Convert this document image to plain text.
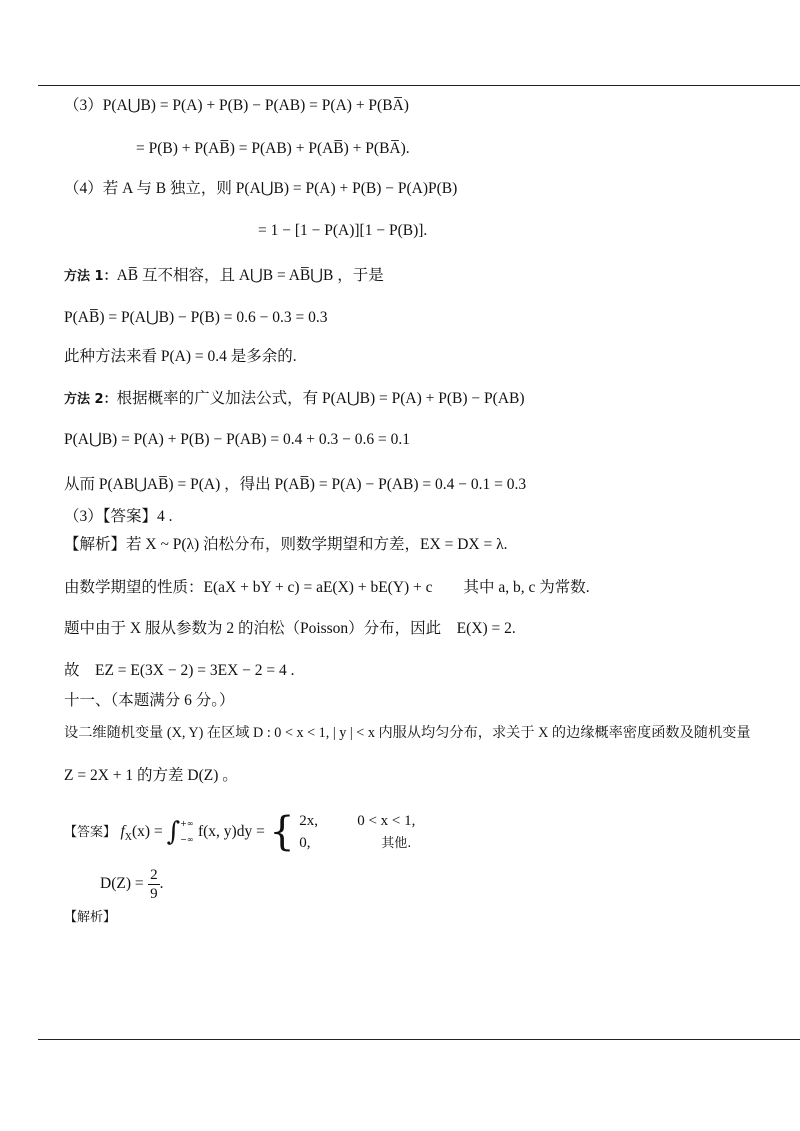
（3）P(A⋃B) = P(A) + P(B) − P(AB) = P(A) + P(BA̅)
= P(B) + P(AB̅) = P(AB) + P(AB̅) + P(BA̅).
（4）若 A 与 B 独立，则 P(A⋃B) = P(A) + P(B) − P(A)P(B)
= 1 − [1 − P(A)][1 − P(B)].
方法 1：AB̅ 互不相容，且 A⋃B = AB̅⋃B ，于是
P(AB̅) = P(A⋃B) − P(B) = 0.6 − 0.3 = 0.3
此种方法来看 P(A) = 0.4 是多余的.
方法 2：根据概率的广义加法公式，有 P(A⋃B) = P(A) + P(B) − P(AB)
P(A⋃B) = P(A) + P(B) − P(AB) = 0.4 + 0.3 − 0.6 = 0.1
从而 P(AB⋃AB̅) = P(A) ，得出 P(AB̅) = P(A) − P(AB) = 0.4 − 0.1 = 0.3
（3）【答案】4 .
【解析】若 X ~ P(λ) 泊松分布，则数学期望和方差，EX = DX = λ.
由数学期望的性质：E(aX + bY + c) = aE(X) + bE(Y) + c　　其中 a, b, c 为常数.
题中由于 X 服从参数为 2 的泊松（Poisson）分布，因此　E(X) = 2.
故　EZ = E(3X − 2) = 3EX − 2 = 4 .
十一、（本题满分 6 分。）
设二维随机变量 (X, Y) 在区域 D : 0 < x < 1, | y | < x 内服从均匀分布，求关于 X 的边缘概率密度函数及随机变量
Z = 2X + 1 的方差 D(Z) 。
【答案】 $f_X(x)$ = ∫ +∞
−∞ f(x, y)dy = { 2x,	0 < x < 1,
0,	其他.
$D(Z) = \frac{2}{9}$ .
【解析】
